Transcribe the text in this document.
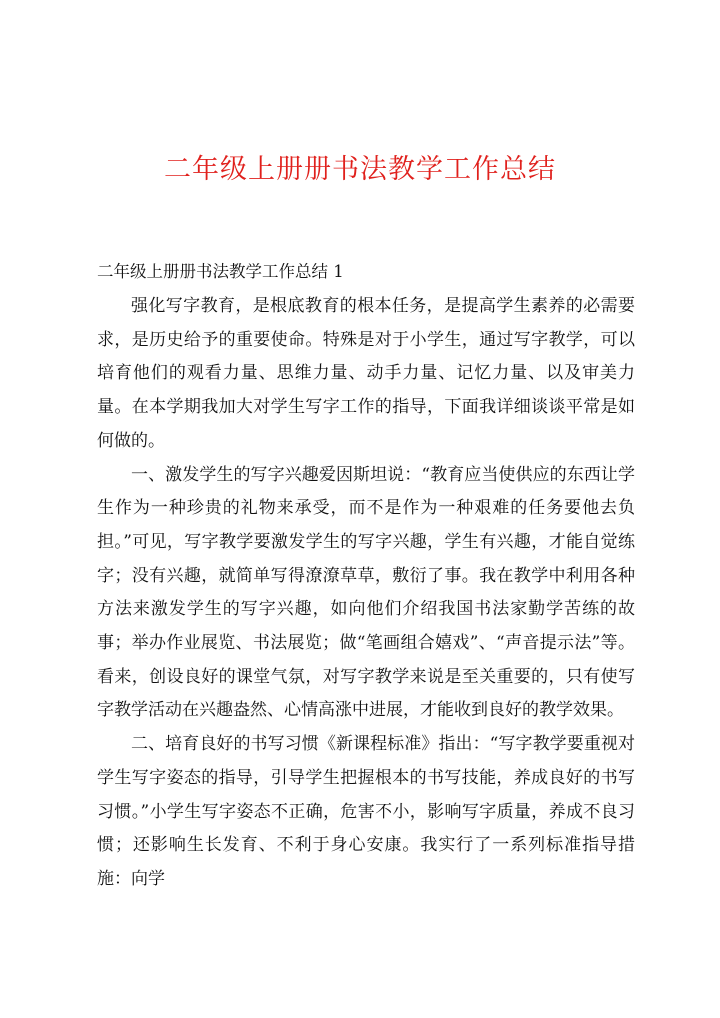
二年级上册册书法教学工作总结

二年级上册册书法教学工作总结 1

强化写字教育，是根底教育的根本任务，是提高学生素养的必需要求，是历史给予的重要使命。特殊是对于小学生，通过写字教学，可以培育他们的观看力量、思维力量、动手力量、记忆力量、以及审美力量。在本学期我加大对学生写字工作的指导，下面我详细谈谈平常是如何做的。

一、激发学生的写字兴趣爱因斯坦说：“教育应当使供应的东西让学生作为一种珍贵的礼物来承受，而不是作为一种艰难的任务要他去负担。”可见，写字教学要激发学生的写字兴趣，学生有兴趣，才能自觉练字；没有兴趣，就简单写得潦潦草草，敷衍了事。我在教学中利用各种方法来激发学生的写字兴趣，如向他们介绍我国书法家勤学苦练的故事；举办作业展览、书法展览；做“笔画组合嬉戏”、“声音提示法”等。看来，创设良好的课堂气氛，对写字教学来说是至关重要的，只有使写字教学活动在兴趣盎然、心情高涨中进展，才能收到良好的教学效果。

二、培育良好的书写习惯《新课程标准》指出：“写字教学要重视对学生写字姿态的指导，引导学生把握根本的书写技能，养成良好的书写习惯。”小学生写字姿态不正确，危害不小，影响写字质量，养成不良习惯；还影响生长发育、不利于身心安康。我实行了一系列标准指导措施：向学
